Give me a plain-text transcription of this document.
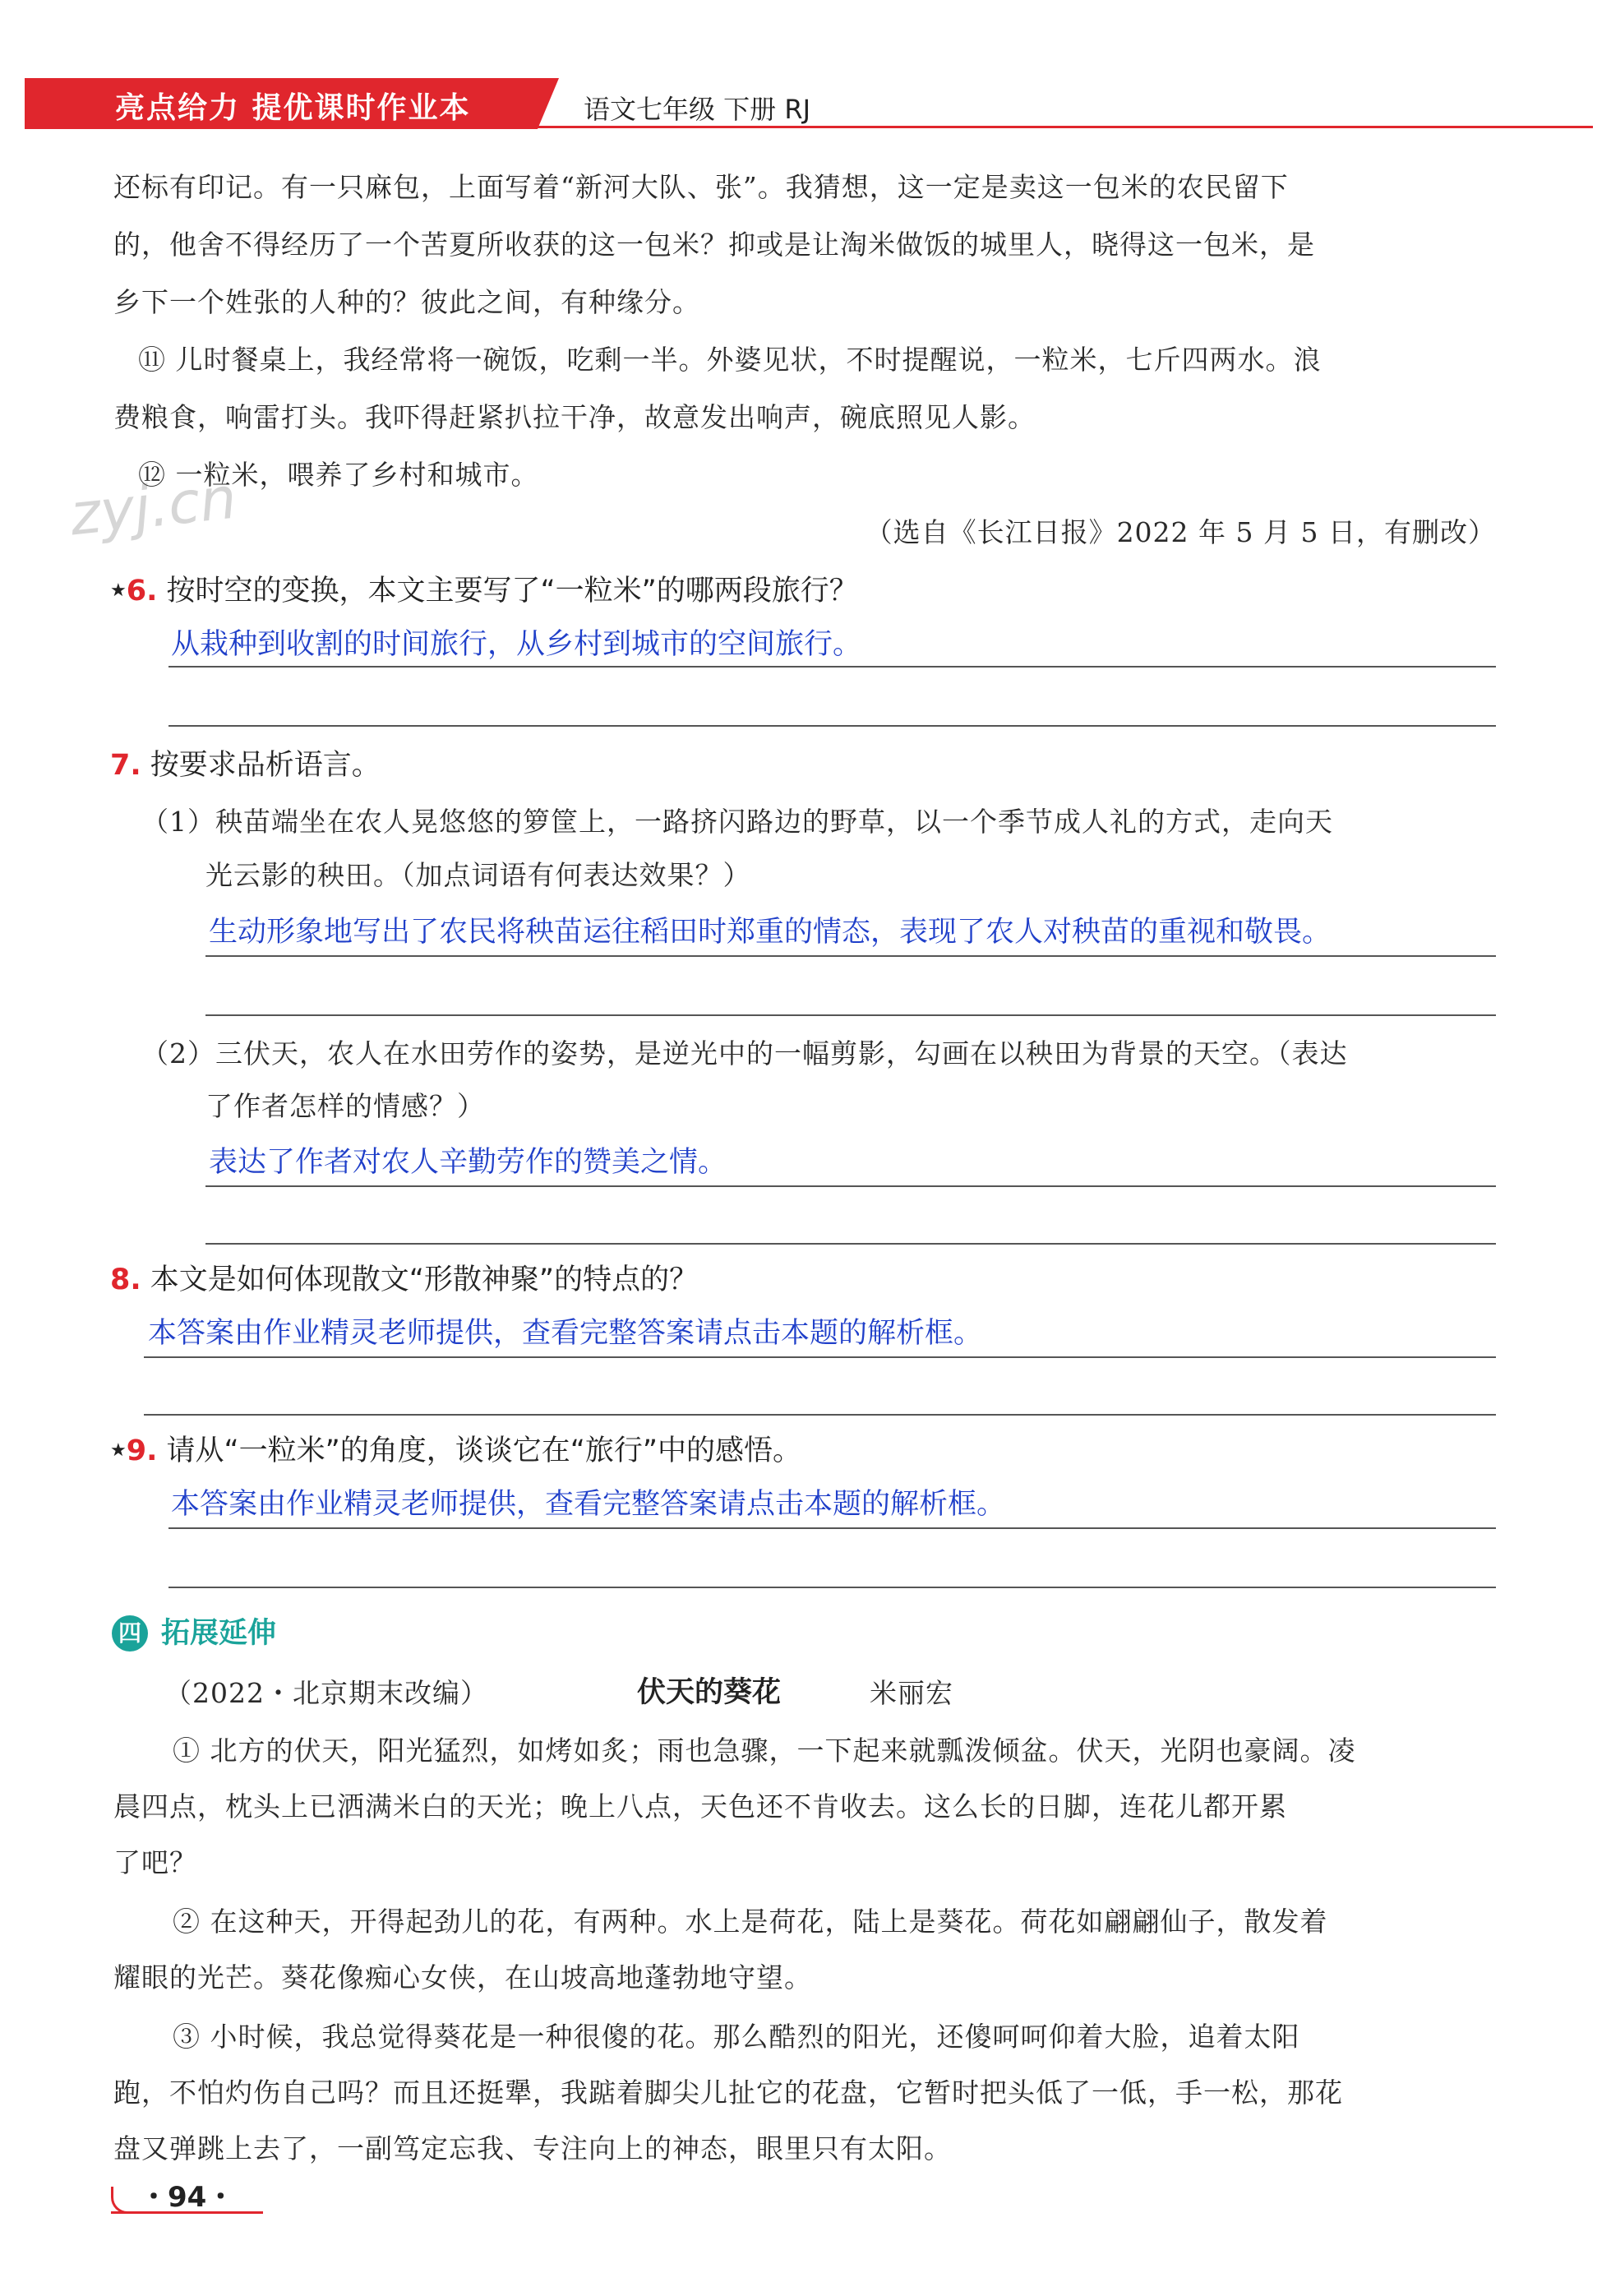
亮点给力 提优课时作业本	语文七年级 下册 RJ
zyj.cn
还标有印记。有一只麻包，上面写着“新河大队、张”。我猜想，这一定是卖这一包米的农民留下
的，他舍不得经历了一个苦夏所收获的这一包米？抑或是让淘米做饭的城里人，晓得这一包米，是
乡下一个姓张的人种的？彼此之间，有种缘分。
⑪ 儿时餐桌上，我经常将一碗饭，吃剩一半。外婆见状，不时提醒说，一粒米，七斤四两水。浪
费粮食，响雷打头。我吓得赶紧扒拉干净，故意发出响声，碗底照见人影。
⑫ 一粒米，喂养了乡村和城市。
（选自《长江日报》2022 年 5 月 5 日，有删改）
★6. 按时空的变换，本文主要写了“一粒米”的哪两段旅行？
从栽种到收割的时间旅行，从乡村到城市的空间旅行。
7. 按要求品析语言。
（1）秧苗端坐在农人晃悠悠的箩筐上，一路挤闪路边的野草，以一个季节成人礼的方式，走向天
光云影的秧田。（加点词语有何表达效果？）
生动形象地写出了农民将秧苗运往稻田时郑重的情态，表现了农人对秧苗的重视和敬畏。
（2）三伏天，农人在水田劳作的姿势，是逆光中的一幅剪影，勾画在以秧田为背景的天空。（表达
了作者怎样的情感？）
表达了作者对农人辛勤劳作的赞美之情。
8. 本文是如何体现散文“形散神聚”的特点的？
本答案由作业精灵老师提供，查看完整答案请点击本题的解析框。
★9. 请从“一粒米”的角度，谈谈它在“旅行”中的感悟。
本答案由作业精灵老师提供，查看完整答案请点击本题的解析框。
四 拓展延伸
（2022・北京期末改编）	伏天的葵花	米丽宏
① 北方的伏天，阳光猛烈，如烤如炙；雨也急骤，一下起来就瓢泼倾盆。伏天，光阴也豪阔。凌
晨四点，枕头上已洒满米白的天光；晚上八点，天色还不肯收去。这么长的日脚，连花儿都开累
了吧？
② 在这种天，开得起劲儿的花，有两种。水上是荷花，陆上是葵花。荷花如翩翩仙子，散发着
耀眼的光芒。葵花像痴心女侠，在山坡高地蓬勃地守望。
③ 小时候，我总觉得葵花是一种很傻的花。那么酷烈的阳光，还傻呵呵仰着大脸，追着太阳
跑，不怕灼伤自己吗？而且还挺犟，我踮着脚尖儿扯它的花盘，它暂时把头低了一低，手一松，那花
盘又弹跳上去了，一副笃定忘我、专注向上的神态，眼里只有太阳。
・94・
